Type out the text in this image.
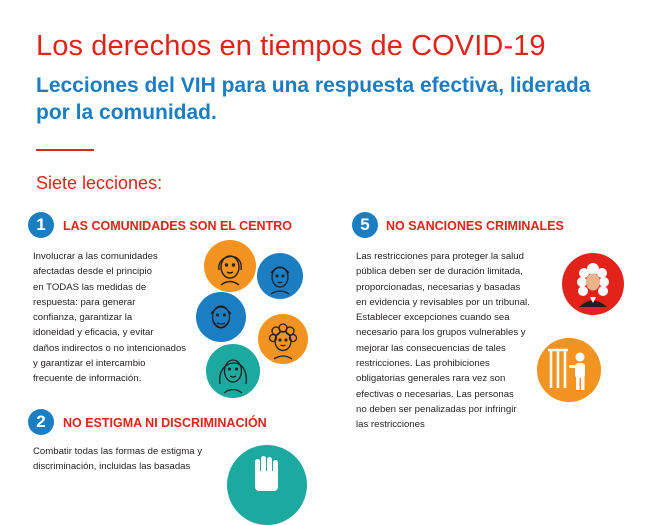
Los derechos en tiempos de COVID-19
Lecciones del VIH para una respuesta efectiva, liderada por la comunidad.
Siete lecciones:
1	LAS COMUNIDADES SON EL CENTRO
Involucrar a las comunidades
afectadas desde el principio
en TODAS las medidas de
respuesta: para generar
confianza, garantizar la
idoneidad y eficacia, y evitar
daños indirectos o no intencionados
y garantizar el intercambio
frecuente de información.
2	NO ESTIGMA NI DISCRIMINACIÓN
Combatir todas las formas de estigma y
discriminación, incluidas las basadas
5	NO SANCIONES CRIMINALES
Las restricciones para proteger la salud
pública deben ser de duración limitada,
proporcionadas, necesarias y basadas
en evidencia y revisables por un tribunal.
Establecer excepciones cuando sea
necesario para los grupos vulnerables y
mejorar las consecuencias de tales
restricciones. Las prohibiciones
obligatorias generales rara vez son
efectivas o necesarias. Las personas
no deben ser penalizadas por infringir
las restricciones
